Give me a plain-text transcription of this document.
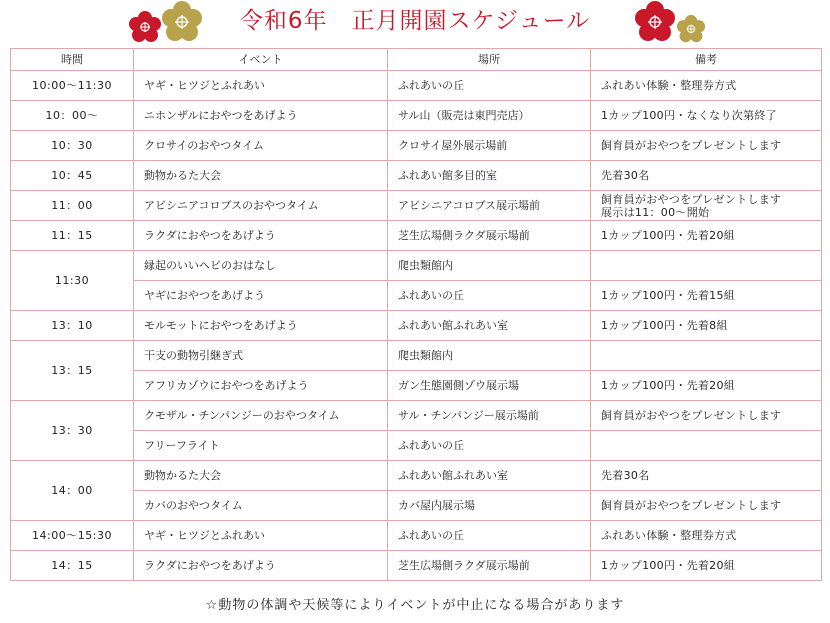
令和6年　正月開園スケジュール
時間	イベント	場所	備考
10:00～11:30	ヤギ・ヒツジとふれあい	ふれあいの丘	ふれあい体験・整理券方式
10：00～	ニホンザルにおやつをあげよう	サル山（販売は東門売店）	1カップ100円・なくなり次第終了
10：30	クロサイのおやつタイム	クロサイ屋外展示場前	飼育員がおやつをプレゼントします
10：45	動物かるた大会	ふれあい館多目的室	先着30名
11：00	アビシニアコロブスのおやつタイム	アビシニアコロブス展示場前	飼育員がおやつをプレゼントします
展示は11：00～開始
11：15	ラクダにおやつをあげよう	芝生広場側ラクダ展示場前	1カップ100円・先着20組
11:30	縁起のいいヘビのおはなし	爬虫類館内	
	ヤギにおやつをあげよう	ふれあいの丘	1カップ100円・先着15組
13：10	モルモットにおやつをあげよう	ふれあい館ふれあい室	1カップ100円・先着8組
13：15	干支の動物引継ぎ式	爬虫類館内	
	アフリカゾウにおやつをあげよう	ガン生態園側ゾウ展示場	1カップ100円・先着20組
13：30	クモザル・チンパンジーのおやつタイム	サル・チンパンジー展示場前	飼育員がおやつをプレゼントします
	フリーフライト	ふれあいの丘	
14：00	動物かるた大会	ふれあい館ふれあい室	先着30名
	カバのおやつタイム	カバ屋内展示場	飼育員がおやつをプレゼントします
14:00～15:30	ヤギ・ヒツジとふれあい	ふれあいの丘	ふれあい体験・整理券方式
14：15	ラクダにおやつをあげよう	芝生広場側ラクダ展示場前	1カップ100円・先着20組
☆動物の体調や天候等によりイベントが中止になる場合があります
